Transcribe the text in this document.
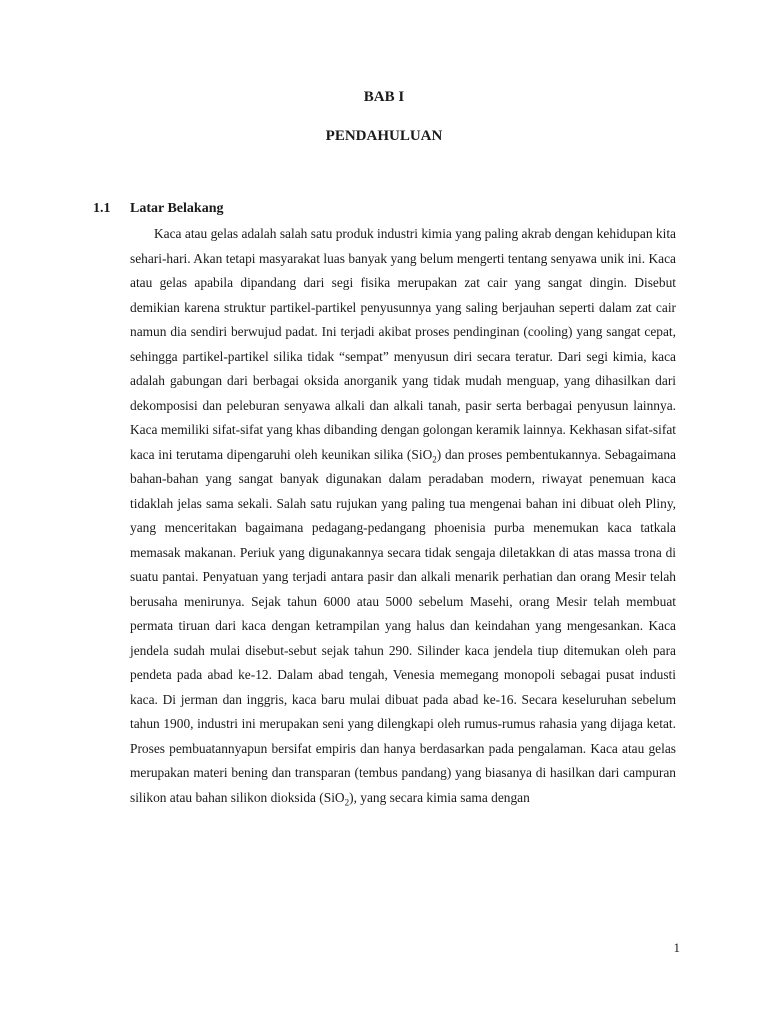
BAB I
PENDAHULUAN
1.1 Latar Belakang

Kaca atau gelas adalah salah satu produk industri kimia yang paling akrab dengan kehidupan kita sehari-hari. Akan tetapi masyarakat luas banyak yang belum mengerti tentang senyawa unik ini. Kaca atau gelas apabila dipandang dari segi fisika merupakan zat cair yang sangat dingin. Disebut demikian karena struktur partikel-partikel penyusunnya yang saling berjauhan seperti dalam zat cair namun dia sendiri berwujud padat. Ini terjadi akibat proses pendinginan (cooling) yang sangat cepat, sehingga partikel-partikel silika tidak “sempat” menyusun diri secara teratur. Dari segi kimia, kaca adalah gabungan dari berbagai oksida anorganik yang tidak mudah menguap, yang dihasilkan dari dekomposisi dan peleburan senyawa alkali dan alkali tanah, pasir serta berbagai penyusun lainnya. Kaca memiliki sifat-sifat yang khas dibanding dengan golongan keramik lainnya. Kekhasan sifat-sifat kaca ini terutama dipengaruhi oleh keunikan silika (SiO$_2$) dan proses pembentukannya. Sebagaimana bahan-bahan yang sangat banyak digunakan dalam peradaban modern, riwayat penemuan kaca tidaklah jelas sama sekali. Salah satu rujukan yang paling tua mengenai bahan ini dibuat oleh Pliny, yang menceritakan bagaimana pedagang-pedangang phoenisia purba menemukan kaca tatkala memasak makanan. Periuk yang digunakannya secara tidak sengaja diletakkan di atas massa trona di suatu pantai. Penyatuan yang terjadi antara pasir dan alkali menarik perhatian dan orang Mesir telah berusaha menirunya. Sejak tahun 6000 atau 5000 sebelum Masehi, orang Mesir telah membuat permata tiruan dari kaca dengan ketrampilan yang halus dan keindahan yang mengesankan. Kaca jendela sudah mulai disebut-sebut sejak tahun 290. Silinder kaca jendela tiup ditemukan oleh para pendeta pada abad ke-12. Dalam abad tengah, Venesia memegang monopoli sebagai pusat industi kaca. Di jerman dan inggris, kaca baru mulai dibuat pada abad ke-16. Secara keseluruhan sebelum tahun 1900, industri ini merupakan seni yang dilengkapi oleh rumus-rumus rahasia yang dijaga ketat. Proses pembuatannyapun bersifat empiris dan hanya berdasarkan pada pengalaman. Kaca atau gelas merupakan materi bening dan transparan (tembus pandang) yang biasanya di hasilkan dari campuran silikon atau bahan silikon dioksida (SiO$_2$), yang secara kimia sama dengan

1
